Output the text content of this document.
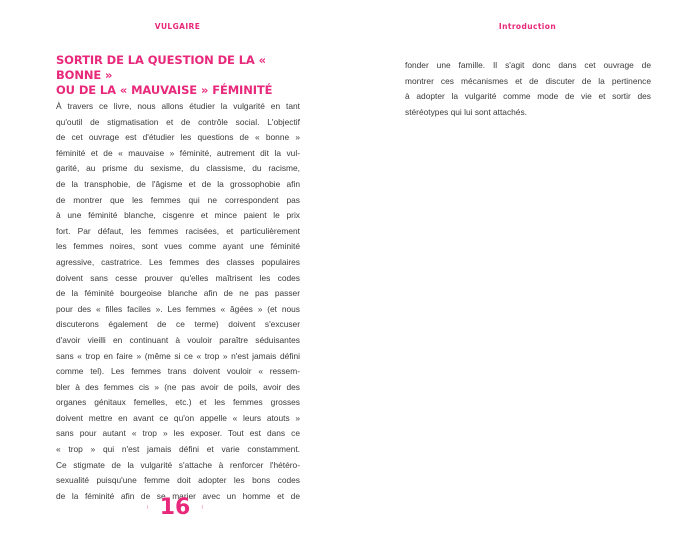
VULGAIRE
SORTIR DE LA QUESTION DE LA « BONNE »
OU DE LA « MAUVAISE » FÉMINITÉ
À travers ce livre, nous allons étudier la vulgarité en tant
qu'outil de stigmatisation et de contrôle social. L'objectif
de cet ouvrage est d'étudier les questions de « bonne »
féminité et de « mauvaise » féminité, autrement dit la vul-
garité, au prisme du sexisme, du classisme, du racisme,
de la transphobie, de l'âgisme et de la grossophobie afin
de montrer que les femmes qui ne correspondent pas
à une féminité blanche, cisgenre et mince paient le prix
fort. Par défaut, les femmes racisées, et particulièrement
les femmes noires, sont vues comme ayant une féminité
agressive, castratrice. Les femmes des classes populaires
doivent sans cesse prouver qu'elles maîtrisent les codes
de la féminité bourgeoise blanche afin de ne pas passer
pour des « filles faciles ». Les femmes « âgées » (et nous
discuterons également de ce terme) doivent s'excuser
d'avoir vieilli en continuant à vouloir paraître séduisantes
sans « trop en faire » (même si ce « trop » n'est jamais défini
comme tel). Les femmes trans doivent vouloir « ressem-
bler à des femmes cis » (ne pas avoir de poils, avoir des
organes génitaux femelles, etc.) et les femmes grosses
doivent mettre en avant ce qu'on appelle « leurs atouts »
sans pour autant « trop » les exposer. Tout est dans ce
« trop » qui n'est jamais défini et varie constamment.
Ce stigmate de la vulgarité s'attache à renforcer l'hétéro-
sexualité puisqu'une femme doit adopter les bons codes
de la féminité afin de se marier avec un homme et de
⁞ 16 ⁞
Introduction
fonder une famille. Il s'agit donc dans cet ouvrage de
montrer ces mécanismes et de discuter de la pertinence
à adopter la vulgarité comme mode de vie et sortir des
stéréotypes qui lui sont attachés.
